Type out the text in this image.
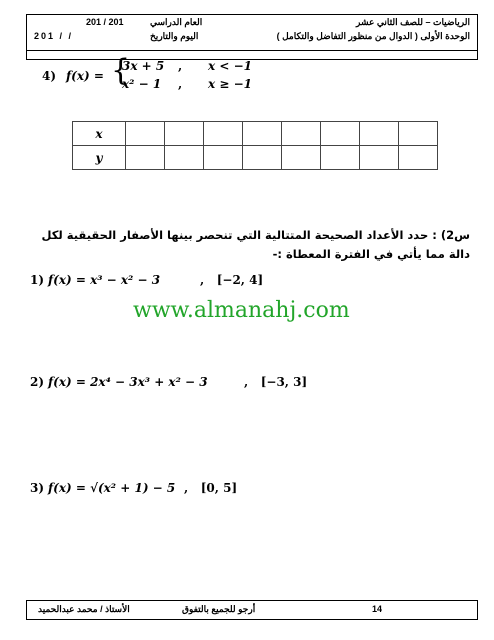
الرياضيات – للصف الثاني عشر
الوحدة الأولى ( الدوال من منظور التفاضل والتكامل )
العام الدراسي
201 / 201
اليوم والتاريخ
201 / /
4) f(x) = {
3x + 5 , x < −1
x² − 1 , x ≥ −1
x								
y								
س2) : حدد الأعداد الصحيحة المتتالية التي تنحصر بينها الأصفار الحقيقية لكل دالة مما يأتي في الفترة المعطاة :-
1) f(x) = x³ − x² − 3	,   [−2, 4]
www.almanahj.com
2) f(x) = 2x⁴ − 3x³ + x² − 3	,   [−3, 3]
3) f(x) = √(x² + 1) − 5 ,   [0, 5]
14
أرجو للجميع بالتفوق
الأستاذ / محمد عبدالحميد
